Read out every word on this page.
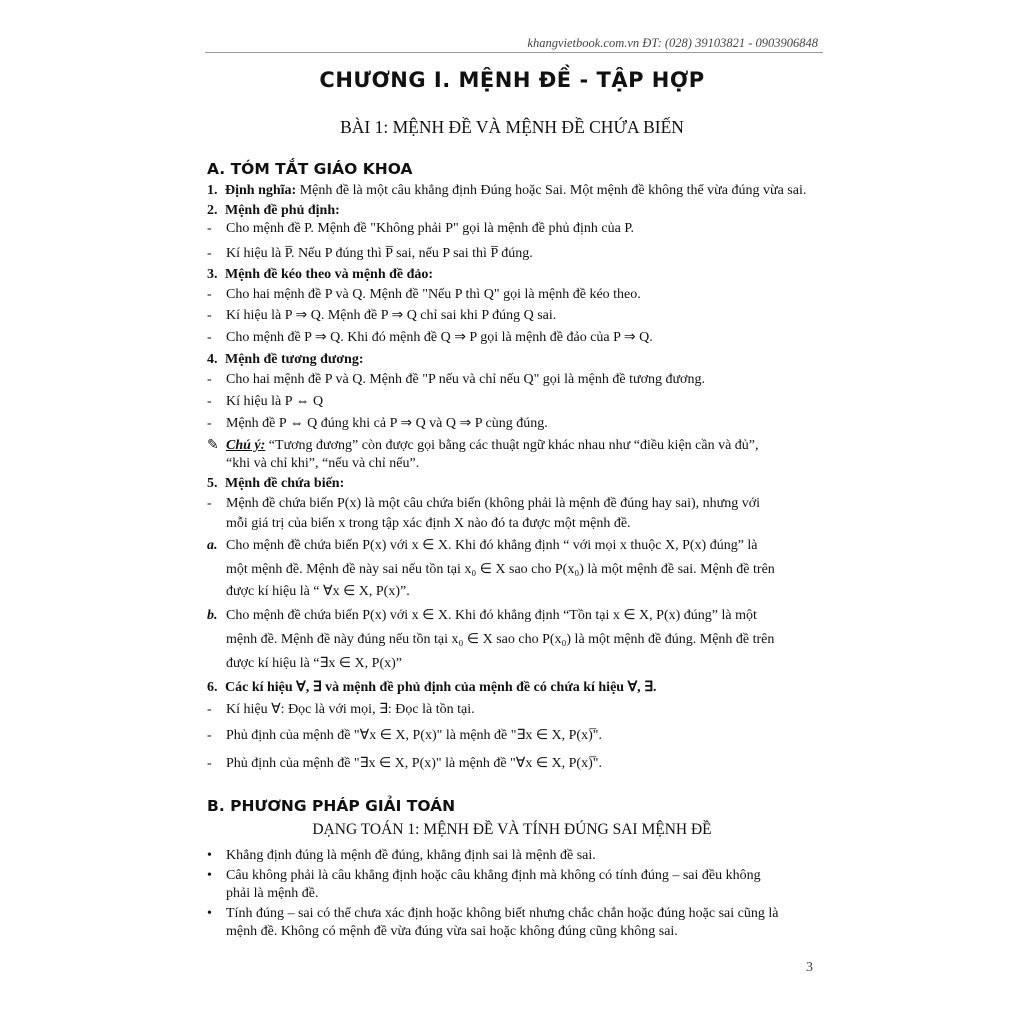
khangvietbook.com.vn ĐT: (028) 39103821 - 0903906848
CHƯƠNG I. MỆNH ĐỀ - TẬP HỢP
BÀI 1: MỆNH ĐỀ VÀ MỆNH ĐỀ CHỨA BIẾN
A. TÓM TẮT GIÁO KHOA
1. Định nghĩa: Mệnh đề là một câu khẳng định Đúng hoặc Sai. Một mệnh đề không thể vừa đúng vừa sai.
2. Mệnh đề phủ định:
- Cho mệnh đề P. Mệnh đề "Không phải P" gọi là mệnh đề phủ định của P.
- Kí hiệu là P̅. Nếu P đúng thì P̅ sai, nếu P sai thì P̅ đúng.
3. Mệnh đề kéo theo và mệnh đề đảo:
- Cho hai mệnh đề P và Q. Mệnh đề "Nếu P thì Q" gọi là mệnh đề kéo theo.
- Kí hiệu là P ⇒ Q. Mệnh đề P ⇒ Q chỉ sai khi P đúng Q sai.
- Cho mệnh đề P ⇒ Q. Khi đó mệnh đề Q ⇒ P gọi là mệnh đề đảo của P ⇒ Q.
4. Mệnh đề tương đương:
- Cho hai mệnh đề P và Q. Mệnh đề "P nếu và chỉ nếu Q" gọi là mệnh đề tương đương.
- Kí hiệu là P ⇔ Q
- Mệnh đề P ⇔ Q đúng khi cả P ⇒ Q và Q ⇒ P cùng đúng.
✎ Chú ý: “Tương đương” còn được gọi bằng các thuật ngữ khác nhau như “điều kiện cần và đủ”,
“khi và chỉ khi”, “nếu và chỉ nếu”.
5. Mệnh đề chứa biến:
- Mệnh đề chứa biến P(x) là một câu chứa biến (không phải là mệnh đề đúng hay sai), nhưng với
mỗi giá trị của biến x trong tập xác định X nào đó ta được một mệnh đề.
a. Cho mệnh đề chứa biến P(x) với x ∈ X. Khi đó khẳng định “ với mọi x thuộc X, P(x) đúng” là
một mệnh đề. Mệnh đề này sai nếu tồn tại x₀ ∈ X sao cho P(x₀) là một mệnh đề sai. Mệnh đề trên
được kí hiệu là “ ∀x ∈ X, P(x)”.
b. Cho mệnh đề chứa biến P(x) với x ∈ X. Khi đó khẳng định “Tồn tại x ∈ X, P(x) đúng” là một
mệnh đề. Mệnh đề này đúng nếu tồn tại x₀ ∈ X sao cho P(x₀) là một mệnh đề đúng. Mệnh đề trên
được kí hiệu là “∃x ∈ X, P(x)”
6. Các kí hiệu ∀, ∃ và mệnh đề phủ định của mệnh đề có chứa kí hiệu ∀, ∃.
- Kí hiệu ∀: Đọc là với mọi, ∃: Đọc là tồn tại.
- Phủ định của mệnh đề "∀x ∈ X, P(x)" là mệnh đề "∃x ∈ X, P(x)̅".
- Phủ định của mệnh đề "∃x ∈ X, P(x)" là mệnh đề "∀x ∈ X, P(x)̅".
B. PHƯƠNG PHÁP GIẢI TOÁN
DẠNG TOÁN 1: MỆNH ĐỀ VÀ TÍNH ĐÚNG SAI MỆNH ĐỀ
• Khẳng định đúng là mệnh đề đúng, khẳng định sai là mệnh đề sai.
• Câu không phải là câu khẳng định hoặc câu khẳng định mà không có tính đúng – sai đều không
phải là mệnh đề.
• Tính đúng – sai có thể chưa xác định hoặc không biết nhưng chắc chắn hoặc đúng hoặc sai cũng là
mệnh đề. Không có mệnh đề vừa đúng vừa sai hoặc không đúng cũng không sai.
3
